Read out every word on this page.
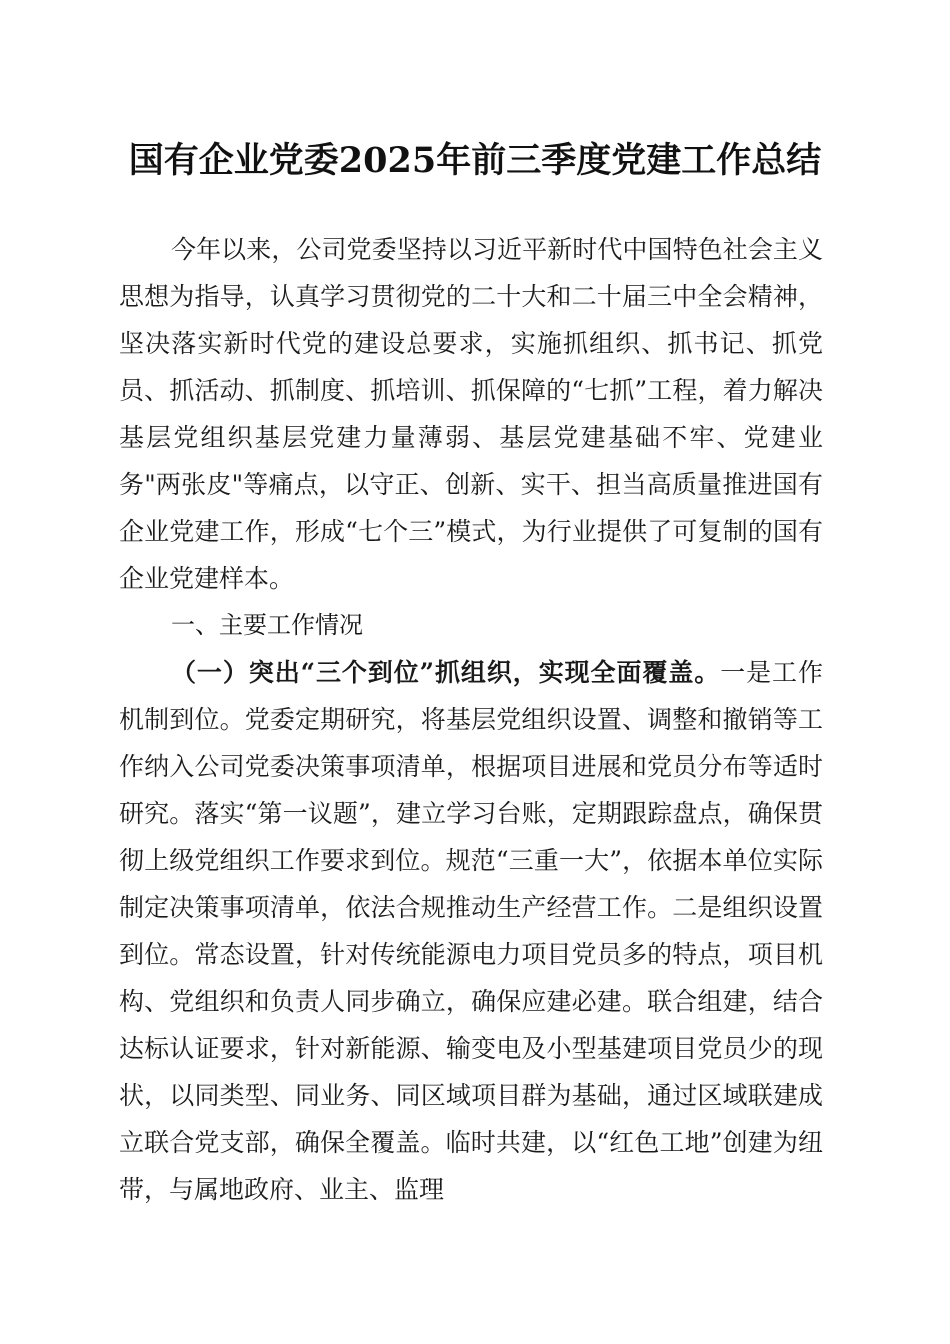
国有企业党委2025年前三季度党建工作总结

今年以来，公司党委坚持以习近平新时代中国特色社会主义思想为指导，认真学习贯彻党的二十大和二十届三中全会精神，坚决落实新时代党的建设总要求，实施抓组织、抓书记、抓党员、抓活动、抓制度、抓培训、抓保障的“七抓”工程，着力解决基层党组织基层党建力量薄弱、基层党建基础不牢、党建业务"两张皮"等痛点，以守正、创新、实干、担当高质量推进国有企业党建工作，形成“七个三”模式，为行业提供了可复制的国有企业党建样本。

一、主要工作情况

（一）突出“三个到位”抓组织，实现全面覆盖。一是工作机制到位。党委定期研究，将基层党组织设置、调整和撤销等工作纳入公司党委决策事项清单，根据项目进展和党员分布等适时研究。落实“第一议题”，建立学习台账，定期跟踪盘点，确保贯彻上级党组织工作要求到位。规范“三重一大”，依据本单位实际制定决策事项清单，依法合规推动生产经营工作。二是组织设置到位。常态设置，针对传统能源电力项目党员多的特点，项目机构、党组织和负责人同步确立，确保应建必建。联合组建，结合达标认证要求，针对新能源、输变电及小型基建项目党员少的现状，以同类型、同业务、同区域项目群为基础，通过区域联建成立联合党支部，确保全覆盖。临时共建，以“红色工地”创建为纽带，与属地政府、业主、监理
